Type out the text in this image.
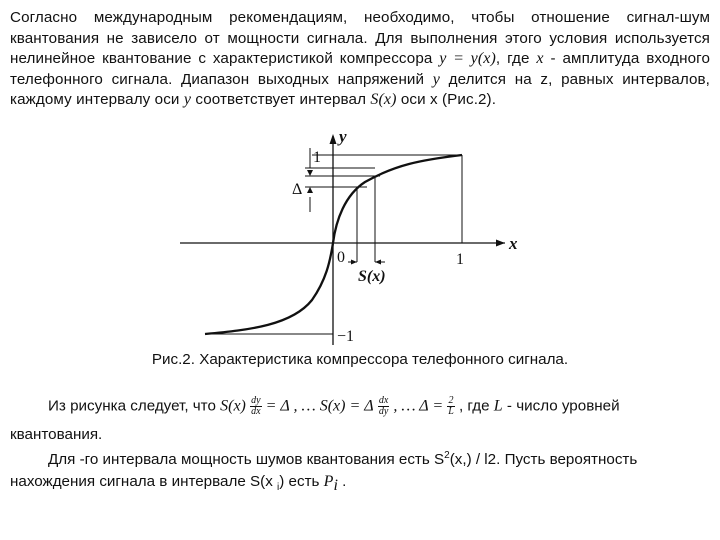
Согласно международным рекомендациям, необходимо, чтобы отношение сигнал-шум квантования не зависело от мощности сигнала. Для выполнения этого условия используется нелинейное квантование с характеристикой компрессора y = y(x), где x - амплитуда входного телефонного сигнала. Диапазон выходных напряжений y делится на z, равных интервалов, каждому интервалу оси y соответствует интервал S(x) оси x (Рис.2).

y
x
1
Δ
0	1
S(x)
−1
Рис.2. Характеристика компрессора телефонного сигнала.
Из рисунка следует, что $S(x) \frac{dy}{dx} = \Delta$ , … S(x) = Δ $\frac{dx}{dy}$ , … $\Delta = \frac{2}{L}$ , где L - число уровней
квантования.
Для -го интервала мощность шумов квантования есть $S^2(x,) / l2$. Пусть вероятность
нахождения сигнала в интервале S(x $_i$) есть $P_i$ .
